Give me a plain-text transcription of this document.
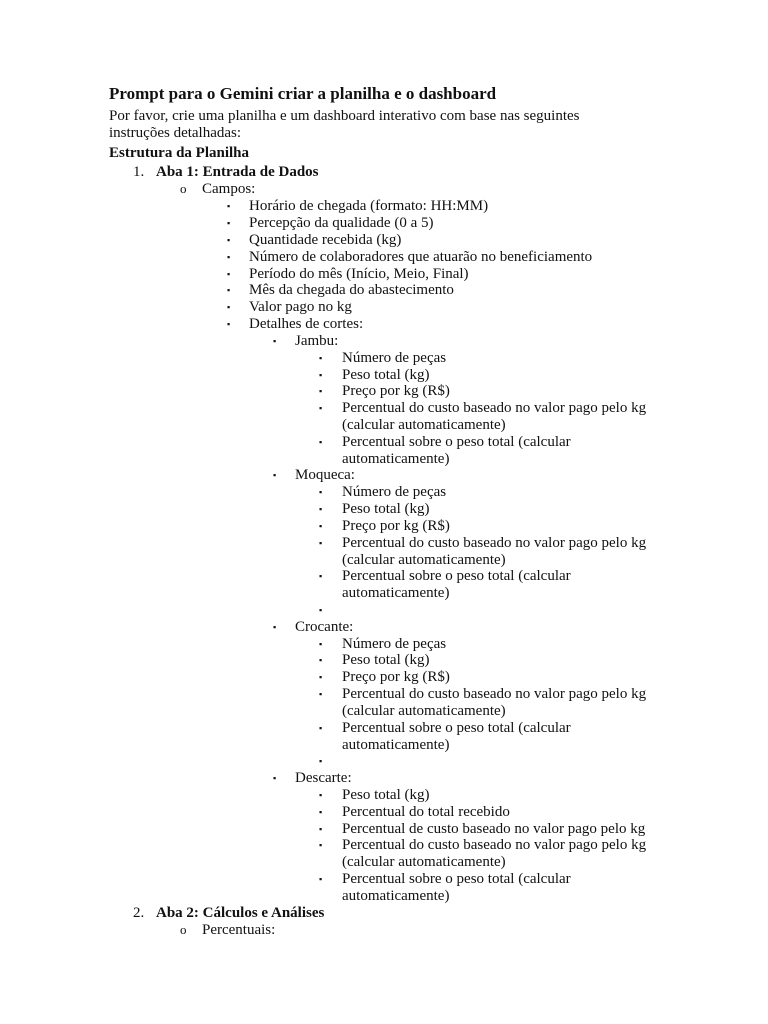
Prompt para o Gemini criar a planilha e o dashboard
Por favor, crie uma planilha e um dashboard interativo com base nas seguintes
instruções detalhadas:
Estrutura da Planilha
1. Aba 1: Entrada de Dados
o Campos:
▪ Horário de chegada (formato: HH:MM)
▪ Percepção da qualidade (0 a 5)
▪ Quantidade recebida (kg)
▪ Número de colaboradores que atuarão no beneficiamento
▪ Período do mês (Início, Meio, Final)
▪ Mês da chegada do abastecimento
▪ Valor pago no kg
▪ Detalhes de cortes:
▪ Jambu:
▪ Número de peças
▪ Peso total (kg)
▪ Preço por kg (R$)
▪ Percentual do custo baseado no valor pago pelo kg
(calcular automaticamente)
▪ Percentual sobre o peso total (calcular
automaticamente)
▪ Moqueca:
▪ Número de peças
▪ Peso total (kg)
▪ Preço por kg (R$)
▪ Percentual do custo baseado no valor pago pelo kg
(calcular automaticamente)
▪ Percentual sobre o peso total (calcular
automaticamente)
▪
▪ Crocante:
▪ Número de peças
▪ Peso total (kg)
▪ Preço por kg (R$)
▪ Percentual do custo baseado no valor pago pelo kg
(calcular automaticamente)
▪ Percentual sobre o peso total (calcular
automaticamente)
▪
▪ Descarte:
▪ Peso total (kg)
▪ Percentual do total recebido
▪ Percentual de custo baseado no valor pago pelo kg
▪ Percentual do custo baseado no valor pago pelo kg
(calcular automaticamente)
▪ Percentual sobre o peso total (calcular
automaticamente)
2. Aba 2: Cálculos e Análises
o Percentuais:
